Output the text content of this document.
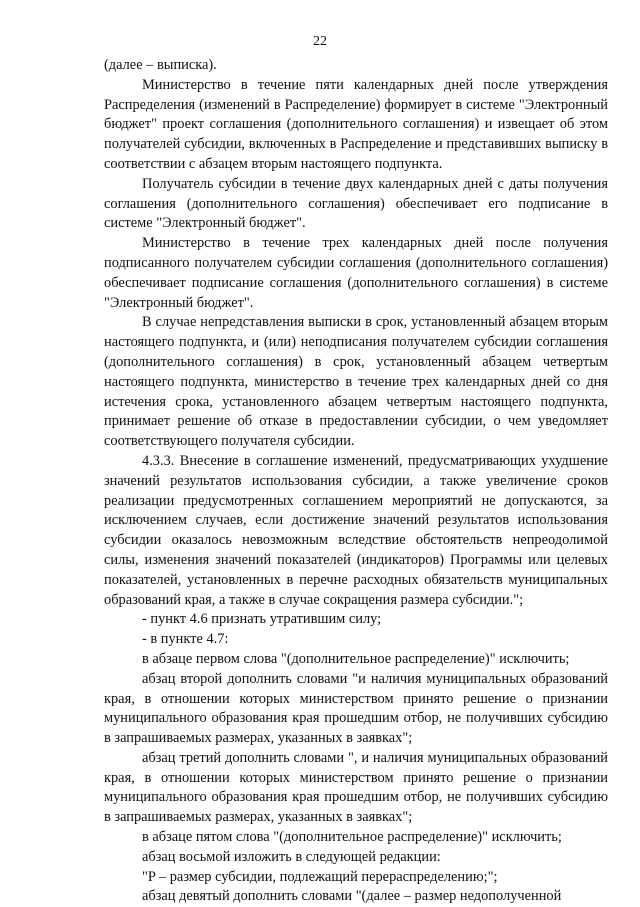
22

(далее – выписка).

Министерство в течение пяти календарных дней после утверждения Распределения (изменений в Распределение) формирует в системе "Электронный бюджет" проект соглашения (дополнительного соглашения) и извещает об этом получателей субсидии, включенных в Распределение и представивших выписку в соответствии с абзацем вторым настоящего подпункта.

Получатель субсидии в течение двух календарных дней с даты получения соглашения (дополнительного соглашения) обеспечивает его подписание в системе "Электронный бюджет".

Министерство в течение трех календарных дней после получения подписанного получателем субсидии соглашения (дополнительного соглашения) обеспечивает подписание соглашения (дополнительного соглашения) в системе "Электронный бюджет".

В случае непредставления выписки в срок, установленный абзацем вторым настоящего подпункта, и (или) неподписания получателем субсидии соглашения (дополнительного соглашения) в срок, установленный абзацем четвертым настоящего подпункта, министерство в течение трех календарных дней со дня истечения срока, установленного абзацем четвертым настоящего подпункта, принимает решение об отказе в предоставлении субсидии, о чем уведомляет соответствующего получателя субсидии.

4.3.3. Внесение в соглашение изменений, предусматривающих ухудшение значений результатов использования субсидии, а также увеличение сроков реализации предусмотренных соглашением мероприятий не допускаются, за исключением случаев, если достижение значений результатов использования субсидии оказалось невозможным вследствие обстоятельств непреодолимой силы, изменения значений показателей (индикаторов) Программы или целевых показателей, установленных в перечне расходных обязательств муниципальных образований края, а также в случае сокращения размера субсидии.";

- пункт 4.6 признать утратившим силу;

- в пункте 4.7:

в абзаце первом слова "(дополнительное распределение)" исключить;

абзац второй дополнить словами "и наличия муниципальных образований края, в отношении которых министерством принято решение о признании муниципального образования края прошедшим отбор, не получивших субсидию в запрашиваемых размерах, указанных в заявках";

абзац третий дополнить словами ", и наличия муниципальных образований края, в отношении которых министерством принято решение о признании муниципального образования края прошедшим отбор, не получивших субсидию в запрашиваемых размерах, указанных в заявках";

в абзаце пятом слова "(дополнительное распределение)" исключить;

абзац восьмой изложить в следующей редакции:

"P – размер субсидии, подлежащий перераспределению;";

абзац девятый дополнить словами "(далее – размер недополученной
